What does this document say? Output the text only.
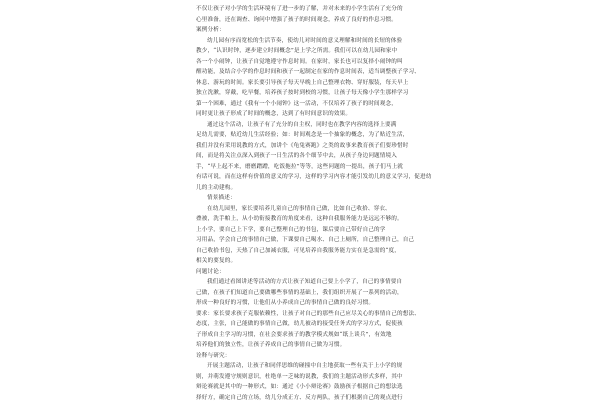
不仅让孩子对小学的生活环境有了进一步的了解，并对未来的小学生活有了充分的
心里准备，还在调查、询问中增强了孩子的时间观念，养成了良好的作息习惯。
案例分析：
幼儿园有序而宽松的生活节奏，使幼儿对时间的意义理解和时间的长短的体验
教少，“认识时钟，逐步建立时间概念”是上学之所需。我们可以在幼儿园和家中
各一个小闹钟，让孩子自觉地遵守作息时间。在家时，家长也可以复择小闹钟的叫
醒功能，及结合小学的作息时间和孩子一起制定在家的作息时间表，适当调整孩子学习、
休息、游玩的时间。家长要引导孩子每天早晚上自己整理衣物、穿好服装，每天早上
独立洗漱，穿戴，吃早餐，培养孩子按时到校的习惯，让孩子每天像小学生那样学习
第一个困难，通过《我有一个小闹钟》这一活动，不仅培养了孩子的时间观念，
同时更让孩子形成了时间的概念，达到了有时间意识的效果。
通过这个活动，让孩子有了充分的自主权，同时也在教学内容的选择上要满
足幼儿需要，贴近幼儿生活经验；如：时间观念是一个抽象的概念，为了贴近生活，
我们并没有采用说教的方式，加讲个《龟兔赛跑》之类的故事来教育孩子们要珍惜时
间，而是将关注点深入到孩子一日生活的各个细节中去，从孩子身边问题情境入
手，“早上起不来，磨磨蹭蹭，吃饭拖拉”等等，这些问题的一提出，孩子们马上就
有话可说，而在这样有价值的意义的学习，这样的学习内容才能引发幼儿的意义学习，促进幼
儿的主动建构。
情景描述：
在幼儿园里，家长要培养儿童自己的事情自己做，比如自己收拾、穿衣、
叠被，洗手帕上，从小幼衔接教育的角度来看，这种自我服务能力是远远不够的。
上小学，要自己上下学，要自己整理自己的书包，课后要自己带好自己的学
习用品，学会自己的事情自己做，下课要自己喝水、自己上厕所，自己整理自己，自己
自己收拾书包，天热了自己加减衣服，可见培养自我服务能力实在是急需的“度，
相关的要复的。
问题讨论：
我们通过看图讲述等活动的方式让孩子知道自己要上小学了，自己的事情要自
己做，在孩子们知道自己要做哪些事情的基础上，我们组织开展了一系列的活动，
形成一种良好的习惯，让他们从小养成自己的事情自己做的良好习惯。
要求：家长要求孩子克服依赖性，让孩子对自己的那些自己应尽关心的事情自己的想法、
态度，主张，自己能做的事情自己做，幼儿被动的接受任务式的学习方式，促使孩
子形成自主学习的习惯，在社会要求孩子的教学模式规如“纸上谈兵”，有效地
培养他们的独立性，让孩子养成自己的事情自己做为习惯。
诠释与研究：
开展主题活动，让孩子和同伴思维的碰撞中自主地获取一些有关于上小学的规
则，并萌发遵守规则意识，杜绝单一乏味的说教，我们的主题活动形式多样，其中
辩论赛就是其中的一种形式，如：通过《小小辩论赛》鼓励孩子根据自己的想法选
择好方，确定自己的立场，幼儿分成正方、反方两队，孩子们根据自己的观点进行
